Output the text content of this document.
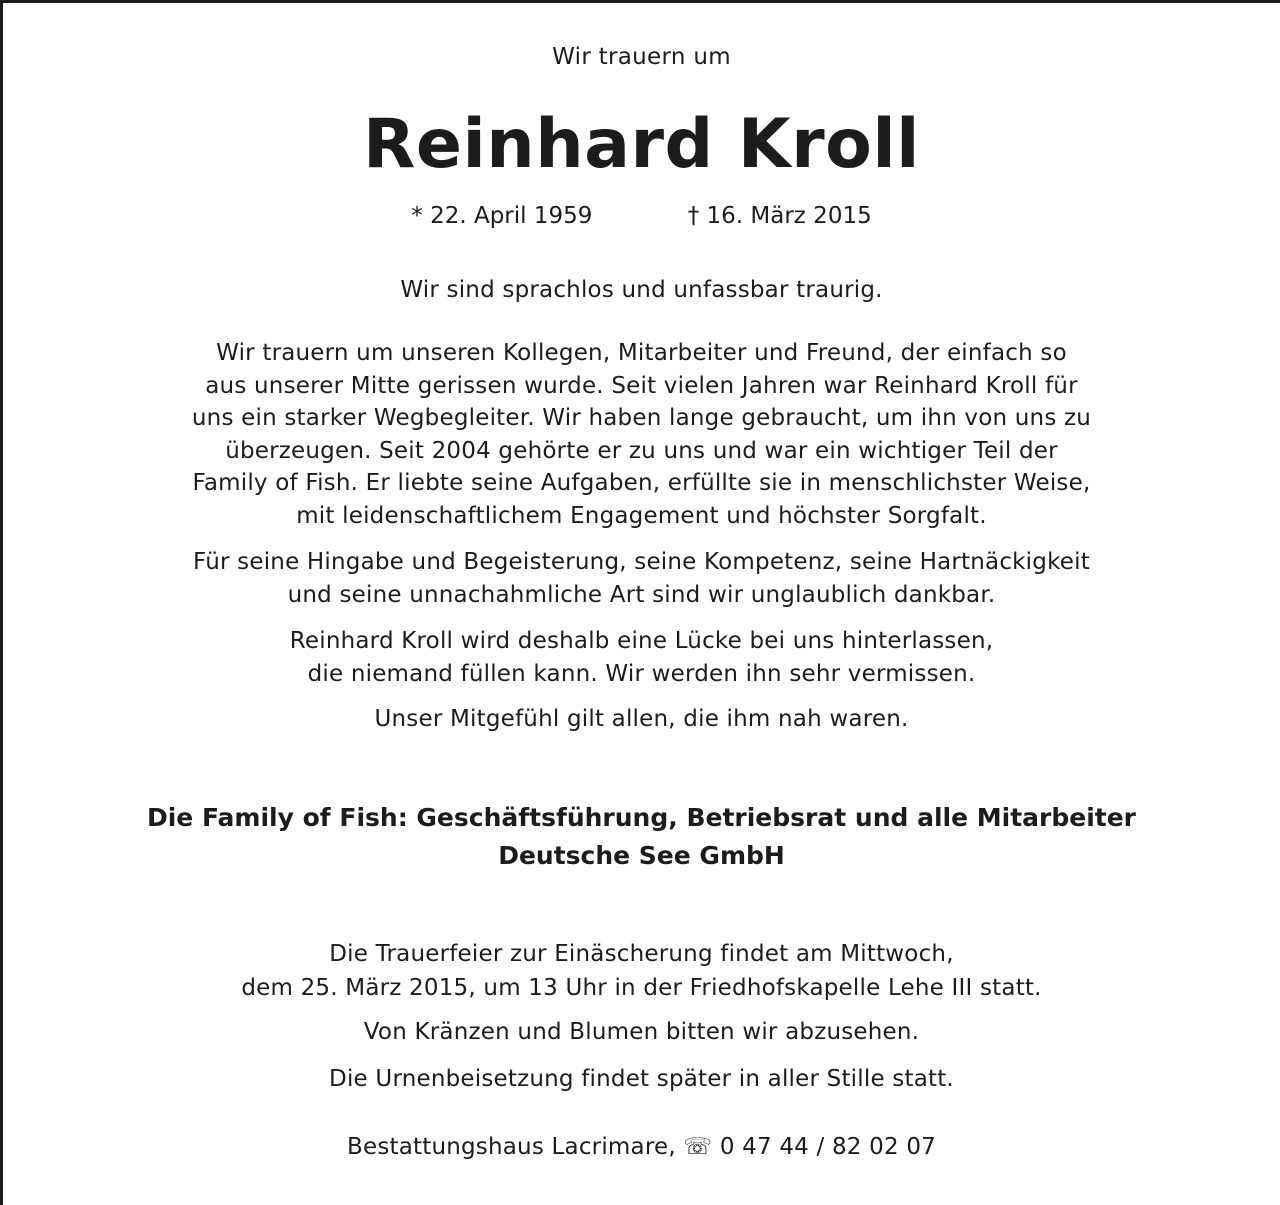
Wir trauern um
Reinhard Kroll
* 22. April 1959	† 16. März 2015
Wir sind sprachlos und unfassbar traurig.
Wir trauern um unseren Kollegen, Mitarbeiter und Freund, der einfach so
aus unserer Mitte gerissen wurde. Seit vielen Jahren war Reinhard Kroll für
uns ein starker Wegbegleiter. Wir haben lange gebraucht, um ihn von uns zu
überzeugen. Seit 2004 gehörte er zu uns und war ein wichtiger Teil der
Family of Fish. Er liebte seine Aufgaben, erfüllte sie in menschlichster Weise,
mit leidenschaftlichem Engagement und höchster Sorgfalt.
Für seine Hingabe und Begeisterung, seine Kompetenz, seine Hartnäckigkeit
und seine unnachahmliche Art sind wir unglaublich dankbar.
Reinhard Kroll wird deshalb eine Lücke bei uns hinterlassen,
die niemand füllen kann. Wir werden ihn sehr vermissen.
Unser Mitgefühl gilt allen, die ihm nah waren.
Die Family of Fish: Geschäftsführung, Betriebsrat und alle Mitarbeiter
Deutsche See GmbH
Die Trauerfeier zur Einäscherung findet am Mittwoch,
dem 25. März 2015, um 13 Uhr in der Friedhofskapelle Lehe III statt.
Von Kränzen und Blumen bitten wir abzusehen.
Die Urnenbeisetzung findet später in aller Stille statt.
Bestattungshaus Lacrimare, ☏ 0 47 44 / 82 02 07
